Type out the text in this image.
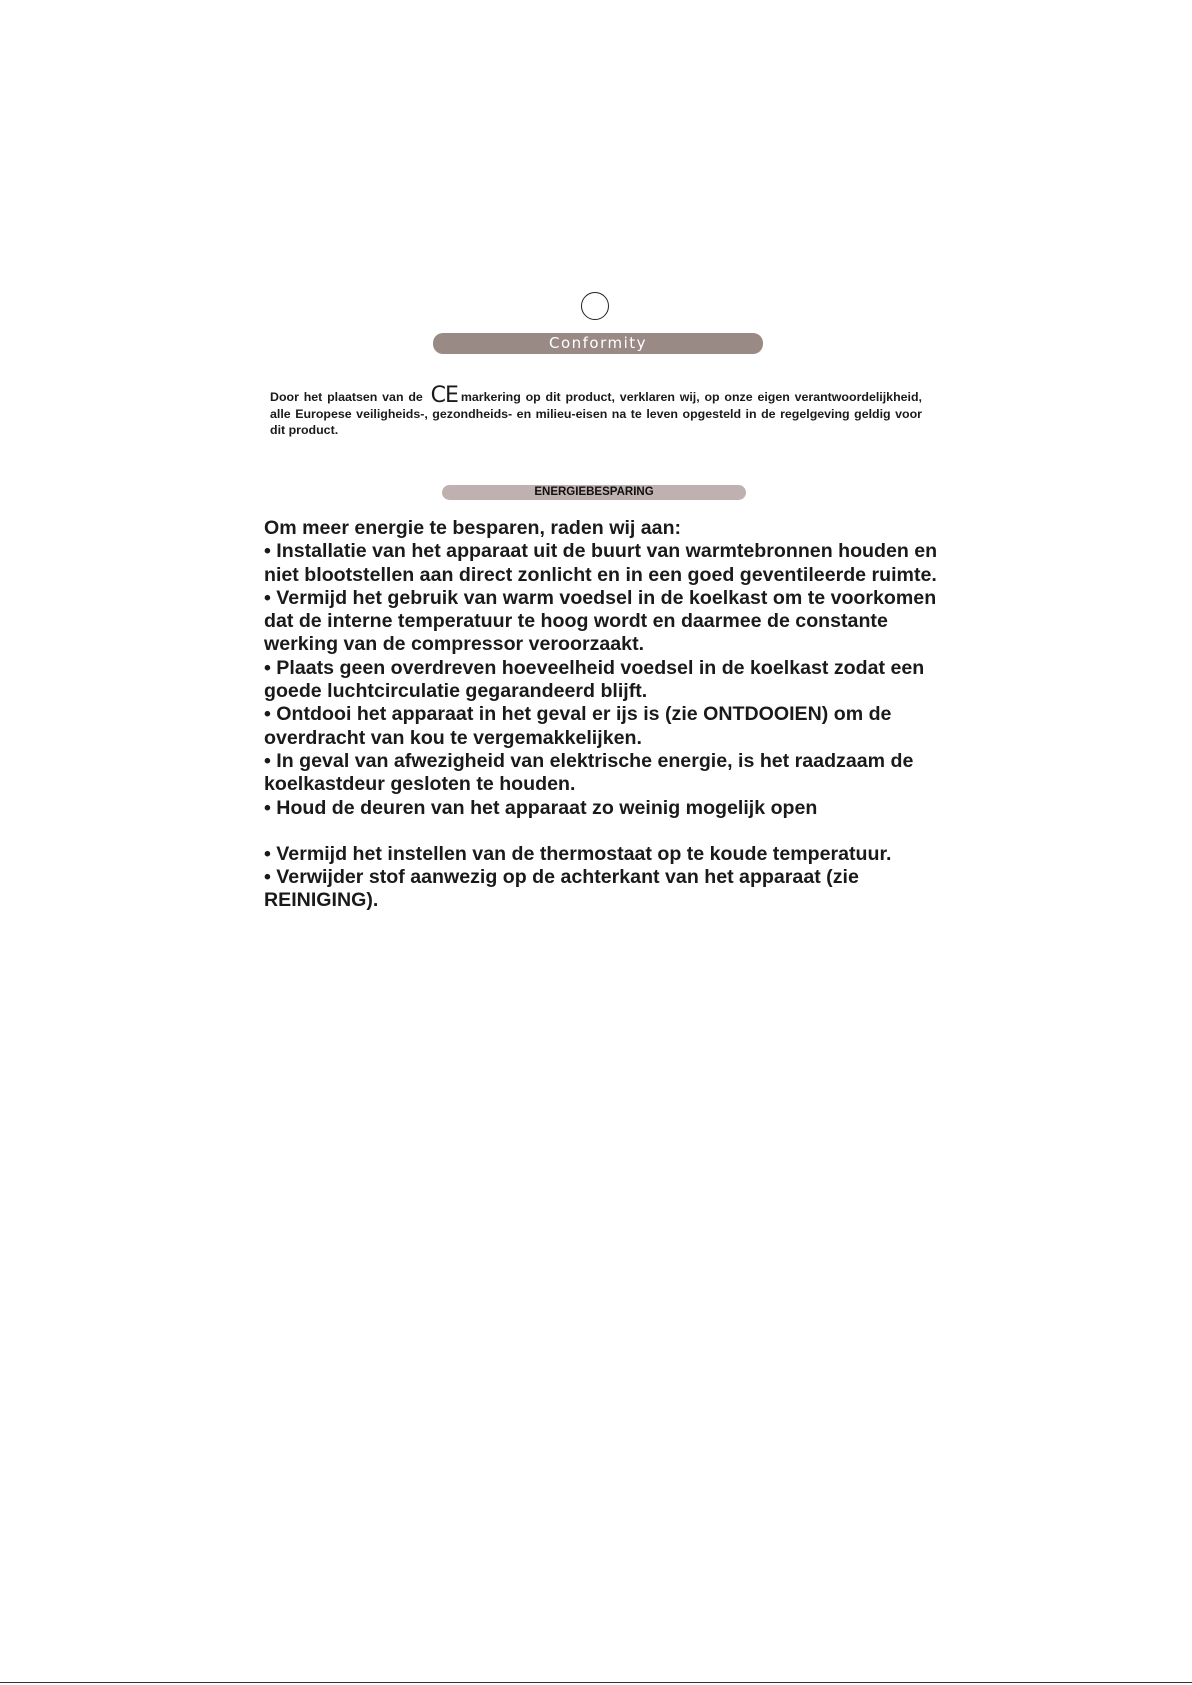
Conformity

Door het plaatsen van de CE markering op dit product, verklaren wij, op onze eigen verantwoordelijkheid, alle Europese veiligheids-, gezondheids- en milieu-eisen na te leven opgesteld in de regelgeving geldig voor dit product.

ENERGIEBESPARING

Om meer energie te besparen, raden wij aan:

• Installatie van het apparaat uit de buurt van warmtebronnen houden en niet blootstellen aan direct zonlicht en in een goed geventileerde ruimte.

• Vermijd het gebruik van warm voedsel in de koelkast om te voorkomen dat de interne temperatuur te hoog wordt en daarmee de constante werking van de compressor veroorzaakt.

• Plaats geen overdreven hoeveelheid voedsel in de koelkast zodat een goede luchtcirculatie gegarandeerd blijft.

• Ontdooi het apparaat in het geval er ijs is (zie ONTDOOIEN) om de overdracht van kou te vergemakkelijken.

• In geval van afwezigheid van elektrische energie, is het raadzaam de koelkastdeur gesloten te houden.

• Houd de deuren van het apparaat zo weinig mogelijk open

• Vermijd het instellen van de thermostaat op te koude temperatuur.

• Verwijder stof aanwezig op de achterkant van het apparaat (zie REINIGING).
